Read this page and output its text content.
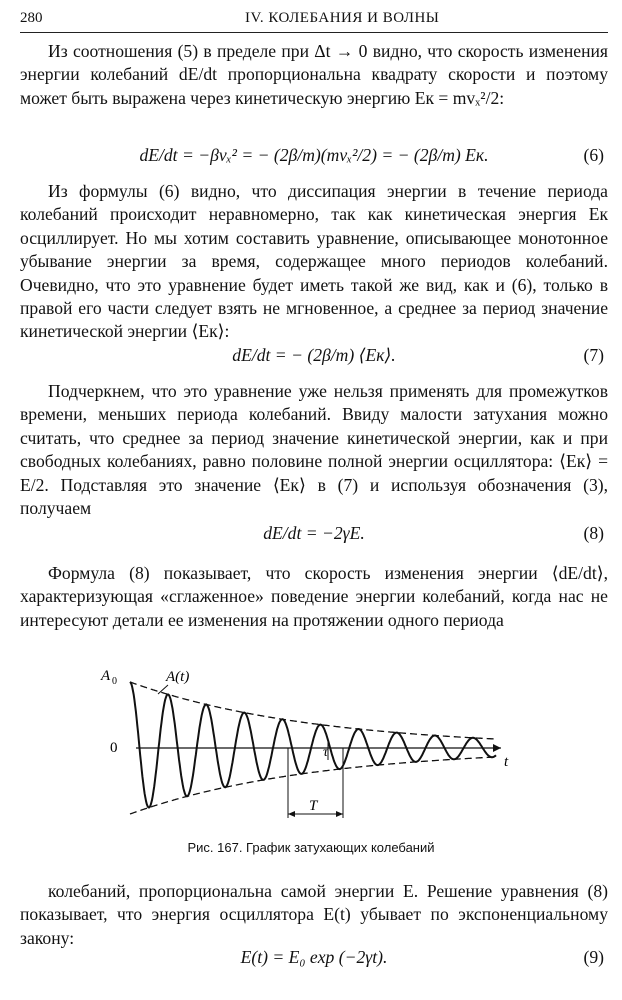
280	IV. КОЛЕБАНИЯ И ВОЛНЫ
Из соотношения (5) в пределе при Δt → 0 видно, что скорость изменения энергии колебаний dE/dt пропорциональна квадрату скорости и поэтому может быть выражена через кинетическую энергию Eк = mvₓ²/2:
dE/dt = −βvₓ² = − (2β/m)(mvₓ²/2) = − (2β/m) Eк.	(6)
Из формулы (6) видно, что диссипация энергии в течение периода колебаний происходит неравномерно, так как кинетическая энергия Eк осциллирует. Но мы хотим составить уравнение, описывающее монотонное убывание энергии за время, содержащее много периодов колебаний. Очевидно, что это уравнение будет иметь такой же вид, как и (6), только в правой его части следует взять не мгновенное, а среднее за период значение кинетической энергии ⟨Eк⟩:
dE/dt = − (2β/m) ⟨Eк⟩.	(7)
Подчеркнем, что это уравнение уже нельзя применять для промежутков времени, меньших периода колебаний. Ввиду малости затухания можно считать, что среднее за период значение кинетической энергии, как и при свободных колебаниях, равно половине полной энергии осциллятора: ⟨Eк⟩ = E/2. Подставляя это значение ⟨Eк⟩ в (7) и используя обозначения (3), получаем
dE/dt = −2γE.	(8)
Формула (8) показывает, что скорость изменения энергии ⟨dE/dt⟩, характеризующая «сглаженное» поведение энергии колебаний, когда нас не интересуют детали ее изменения на протяжении одного периода
A 0	A(t)
0
t
τ
T
Рис. 167. График затухающих колебаний
колебаний, пропорциональна самой энергии E. Решение уравнения (8) показывает, что энергия осциллятора E(t) убывает по экспоненциальному закону:
E(t) = E₀ exp (−2γt).	(9)
